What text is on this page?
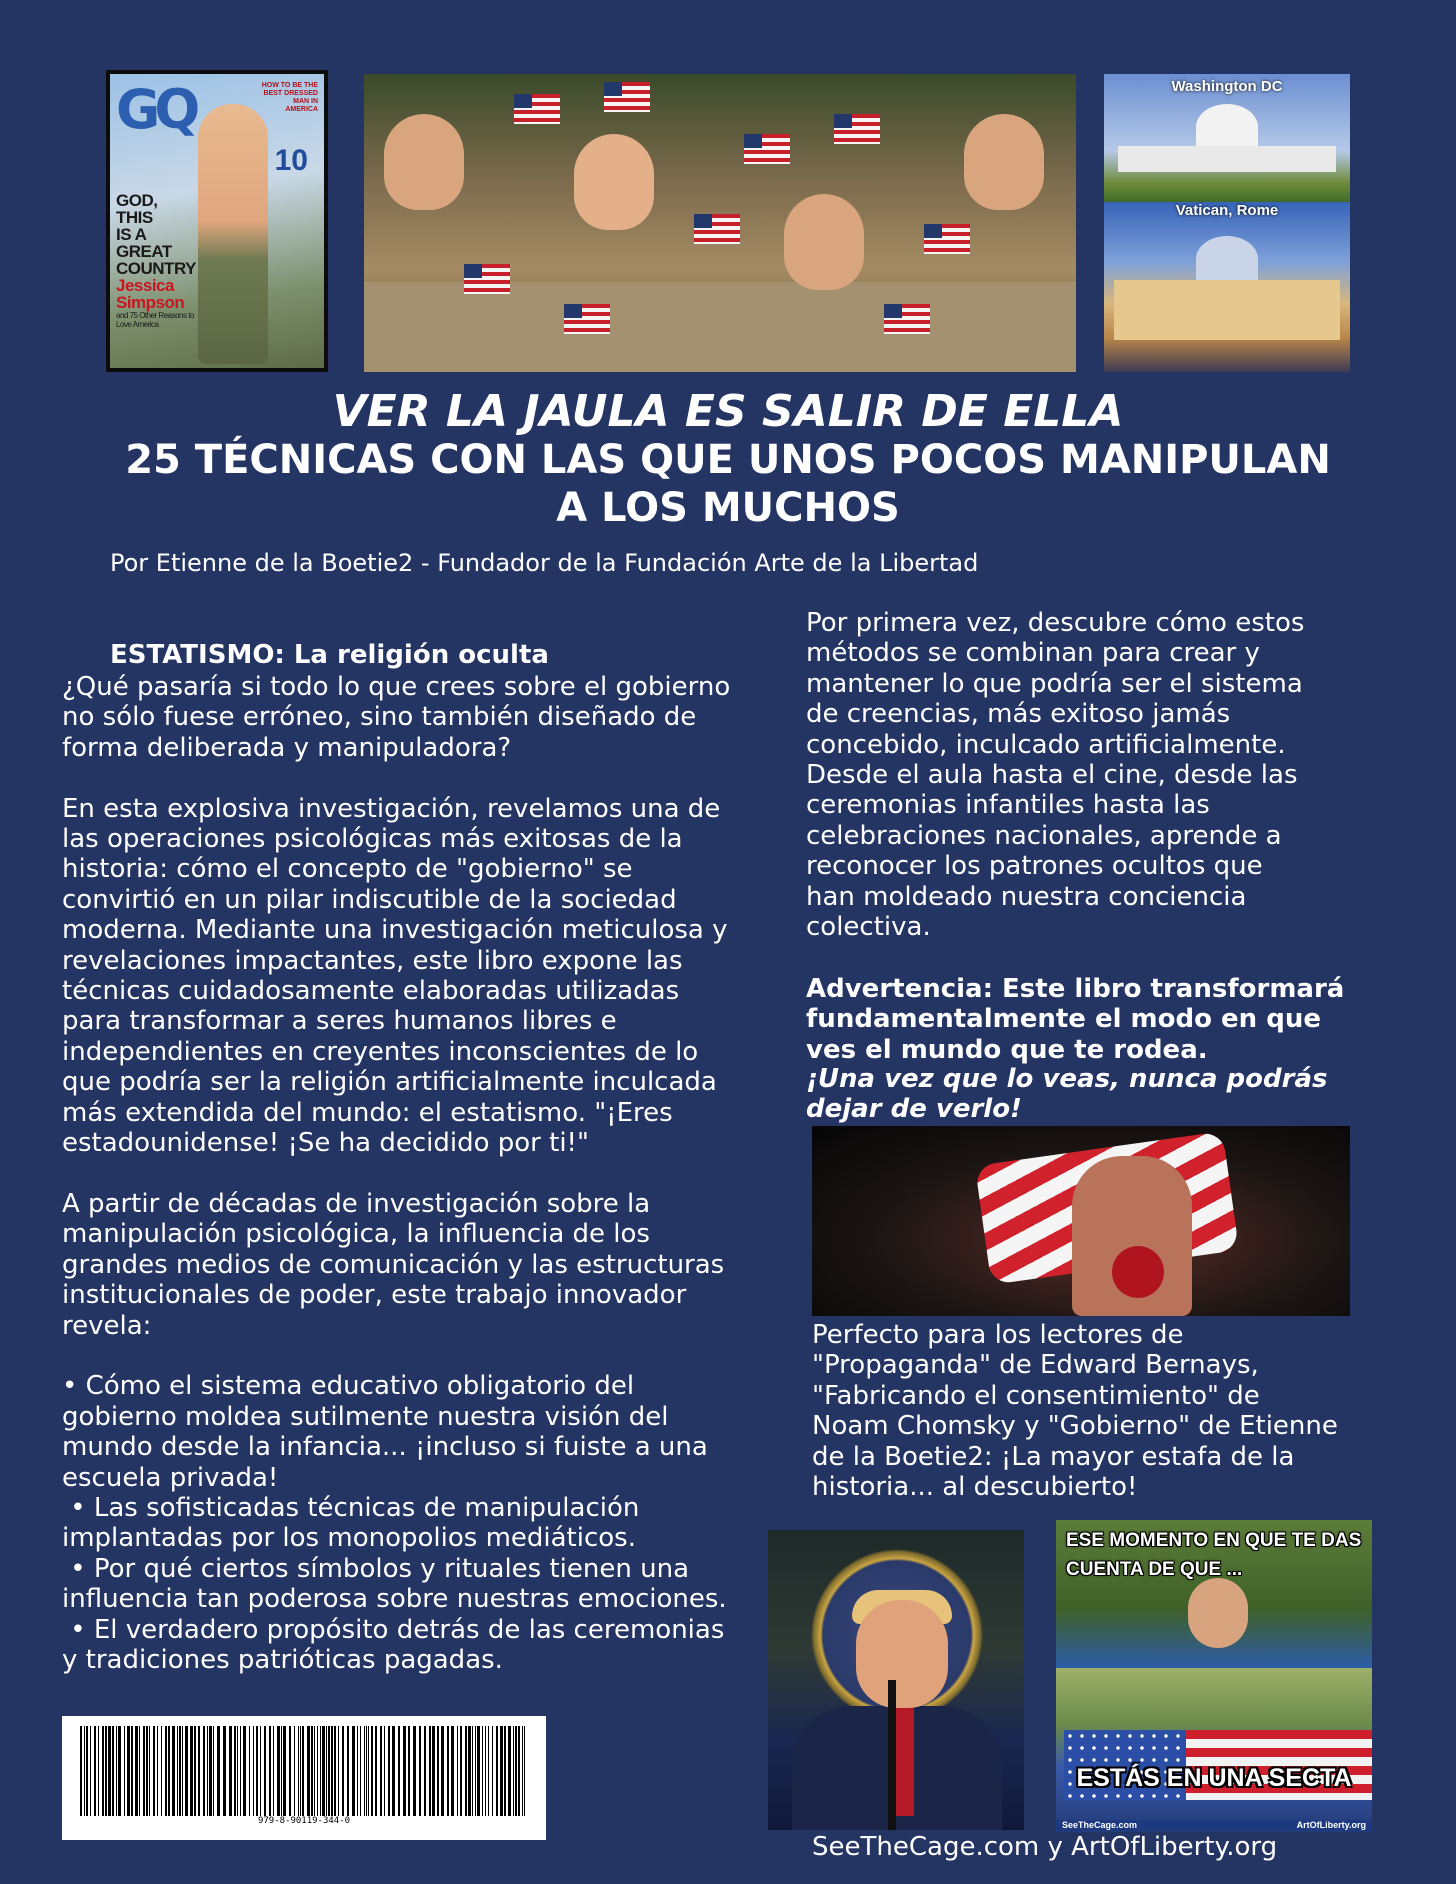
GQ	HOW TO BE THE BEST DRESSED MAN IN AMERICA
10
GOD,
THIS
IS A
GREAT
COUNTRY
Jessica
Simpson
and 75 Other Reasons to Love America
Washington DC
Vatican, Rome
VER LA JAULA ES SALIR DE ELLA
25 TÉCNICAS CON LAS QUE UNOS POCOS MANIPULAN A LOS MUCHOS
Por Etienne de la Boetie2 - Fundador de la Fundación Arte de la Libertad
ESTATISMO: La religión oculta

¿Qué pasaría si todo lo que crees sobre el gobierno
no sólo fuese erróneo, sino también diseñado de
forma deliberada y manipuladora?

En esta explosiva investigación, revelamos una de
las operaciones psicológicas más exitosas de la
historia: cómo el concepto de "gobierno" se
convirtió en un pilar indiscutible de la sociedad
moderna. Mediante una investigación meticulosa y
revelaciones impactantes, este libro expone las
técnicas cuidadosamente elaboradas utilizadas
para transformar a seres humanos libres e
independientes en creyentes inconscientes de lo
que podría ser la religión artificialmente inculcada
más extendida del mundo: el estatismo. "¡Eres
estadounidense! ¡Se ha decidido por ti!"

A partir de décadas de investigación sobre la
manipulación psicológica, la influencia de los
grandes medios de comunicación y las estructuras
institucionales de poder, este trabajo innovador
revela:

• Cómo el sistema educativo obligatorio del
gobierno moldea sutilmente nuestra visión del
mundo desde la infancia... ¡incluso si fuiste a una
escuela privada!
• Las sofisticadas técnicas de manipulación
implantadas por los monopolios mediáticos.
• Por qué ciertos símbolos y rituales tienen una
influencia tan poderosa sobre nuestras emociones.
• El verdadero propósito detrás de las ceremonias
y tradiciones patrióticas pagadas.

Por primera vez, descubre cómo estos
métodos se combinan para crear y
mantener lo que podría ser el sistema
de creencias, más exitoso jamás
concebido, inculcado artificialmente.
Desde el aula hasta el cine, desde las
ceremonias infantiles hasta las
celebraciones nacionales, aprende a
reconocer los patrones ocultos que
han moldeado nuestra conciencia
colectiva.

Advertencia: Este libro transformará
fundamentalmente el modo en que
ves el mundo que te rodea.

¡Una vez que lo veas, nunca podrás
dejar de verlo!

Perfecto para los lectores de
"Propaganda" de Edward Bernays,
"Fabricando el consentimiento" de
Noam Chomsky y "Gobierno" de Etienne
de la Boetie2: ¡La mayor estafa de la
historia... al descubierto!

ESE MOMENTO EN QUE TE DAS CUENTA DE QUE ...
ESTÁS EN UNA SECTA
SeeTheCage.com	ArtOfLiberty.org
979-8-90119-344-0
SeeTheCage.com y ArtOfLiberty.org
